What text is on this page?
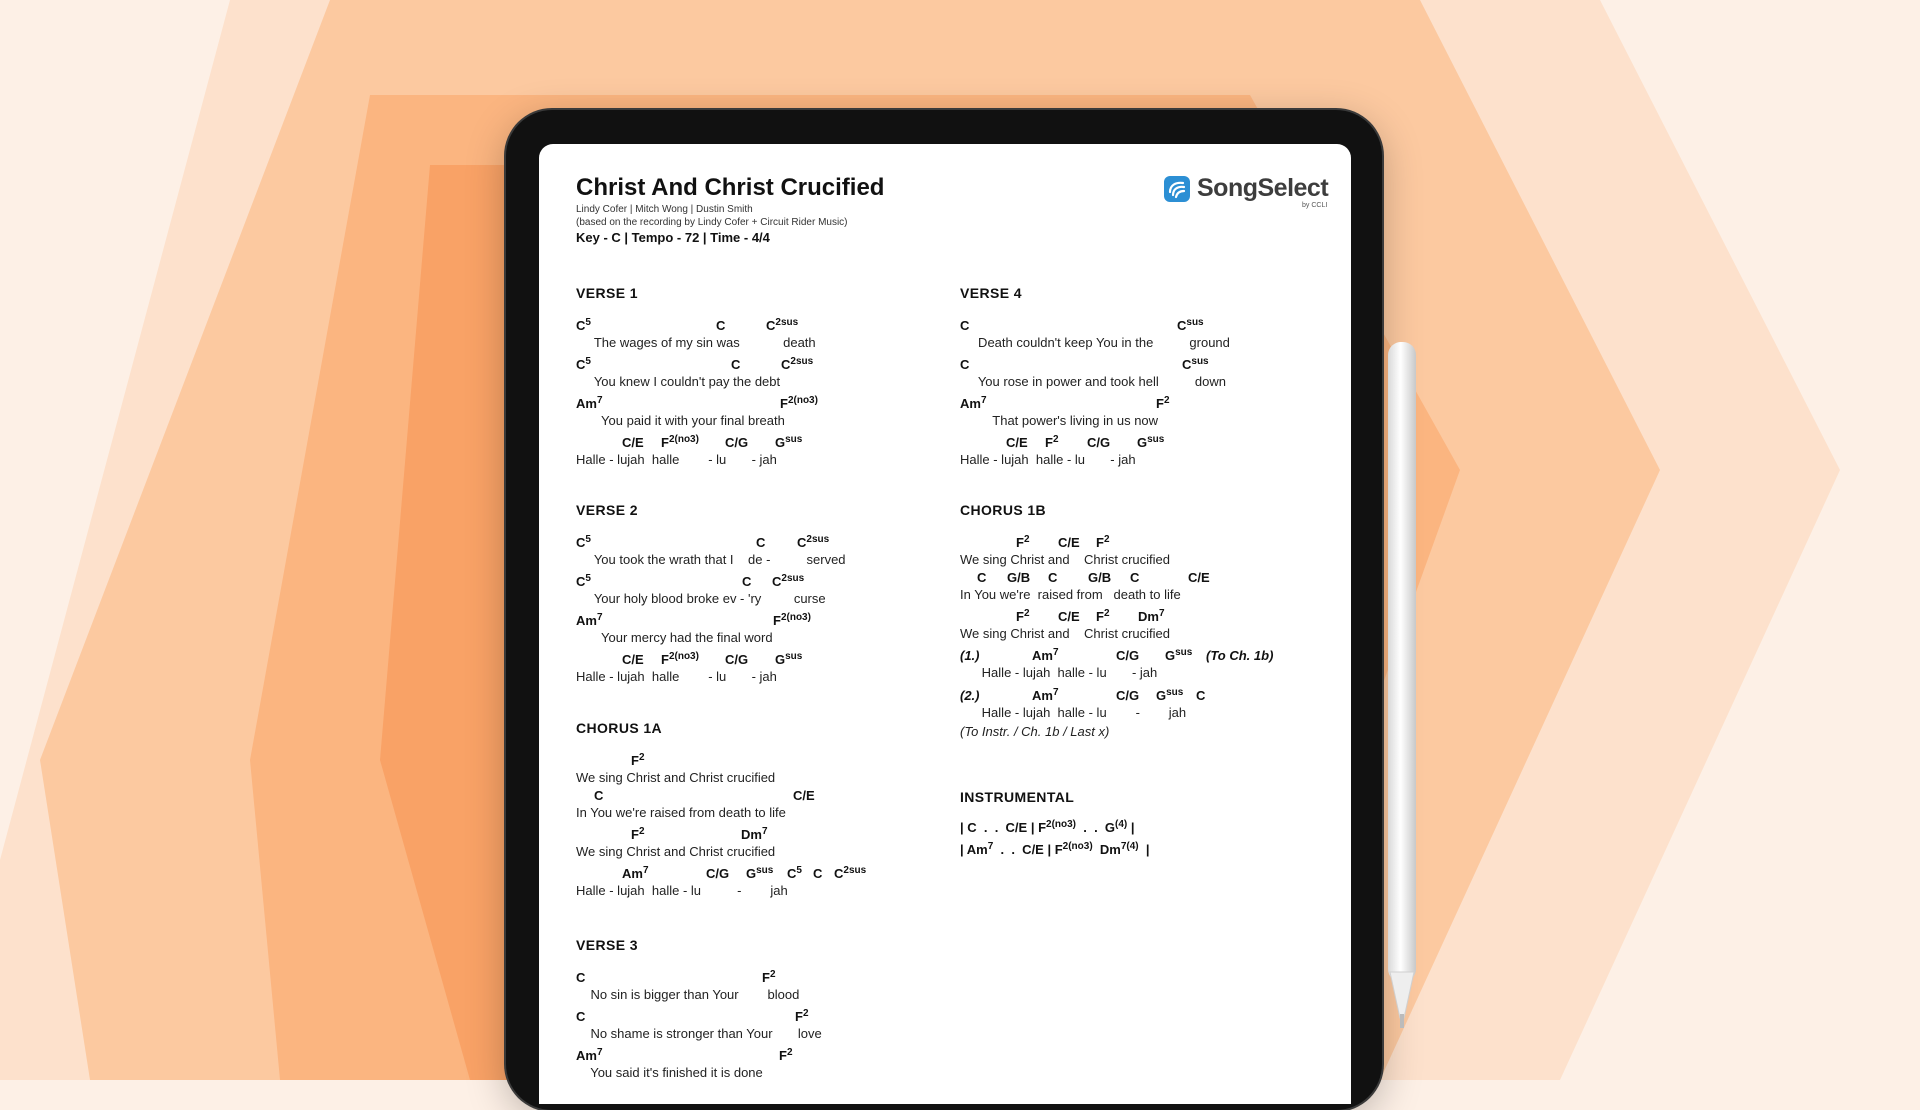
Christ And Christ Crucified
Lindy Cofer | Mitch Wong | Dustin Smith
(based on the recording by Lindy Cofer + Circuit Rider Music)
Key - C | Tempo - 72 | Time - 4/4
SongSelect
by CCLI
VERSE 1
$C^5$	C	$C^{2sus}$
The wages of my sin was            death
$C^5$	C	$C^{2sus}$
You knew I couldn't pay the debt
Am$^7$	$F^{2(no3)}$
You paid it with your final breath
C/E $F^{2(no3)}$ C/G $G^{sus}$
Halle - lujah  halle        - lu       - jah
VERSE 2
$C^5$	C $C^{2sus}$
You took the wrath that I    de -          served
$C^5$	C $C^{2sus}$
Your holy blood broke ev - 'ry         curse
Am$^7$	$F^{2(no3)}$
Your mercy had the final word
C/E $F^{2(no3)}$ C/G $G^{sus}$
Halle - lujah  halle        - lu       - jah
CHORUS 1A
$F^2$
We sing Christ and Christ crucified
C	C/E
In You we're raised from death to life
$F^2$	Dm$^7$
We sing Christ and Christ crucified
Am$^7$	C/G $G^{sus}$ $C^5$ C $C^{2sus}$
Halle - lujah  halle - lu          -        jah
VERSE 3
C	$F^2$
No sin is bigger than Your        blood
C	$F^2$
No shame is stronger than Your       love
Am$^7$	$F^2$
You said it's finished it is done
VERSE 4
C	$C^{sus}$
Death couldn't keep You in the          ground
C	$C^{sus}$
You rose in power and took hell          down
Am$^7$	$F^2$
That power's living in us now
C/E $F^2$ C/G $G^{sus}$
Halle - lujah  halle - lu       - jah
CHORUS 1B
$F^2$ C/E $F^2$
We sing Christ and    Christ crucified
C G/B C G/B C	C/E
In You we're  raised from   death to life
$F^2$ C/E $F^2$ Dm$^7$
We sing Christ and    Christ crucified
(1.)	Am$^7$	C/G $G^{sus}$ (To Ch. 1b)
Halle - lujah  halle - lu       - jah
(2.)	Am$^7$	C/G $G^{sus}$ C
Halle - lujah  halle - lu        -        jah
(To Instr. / Ch. 1b / Last x)
INSTRUMENTAL
| C  .  .  C/E | $F^{2(no3)}$  .  .  $G^{(4)}$ |
| Am$^7$  .  .  C/E | $F^{2(no3)}$  $Dm^{7(4)}$  |
